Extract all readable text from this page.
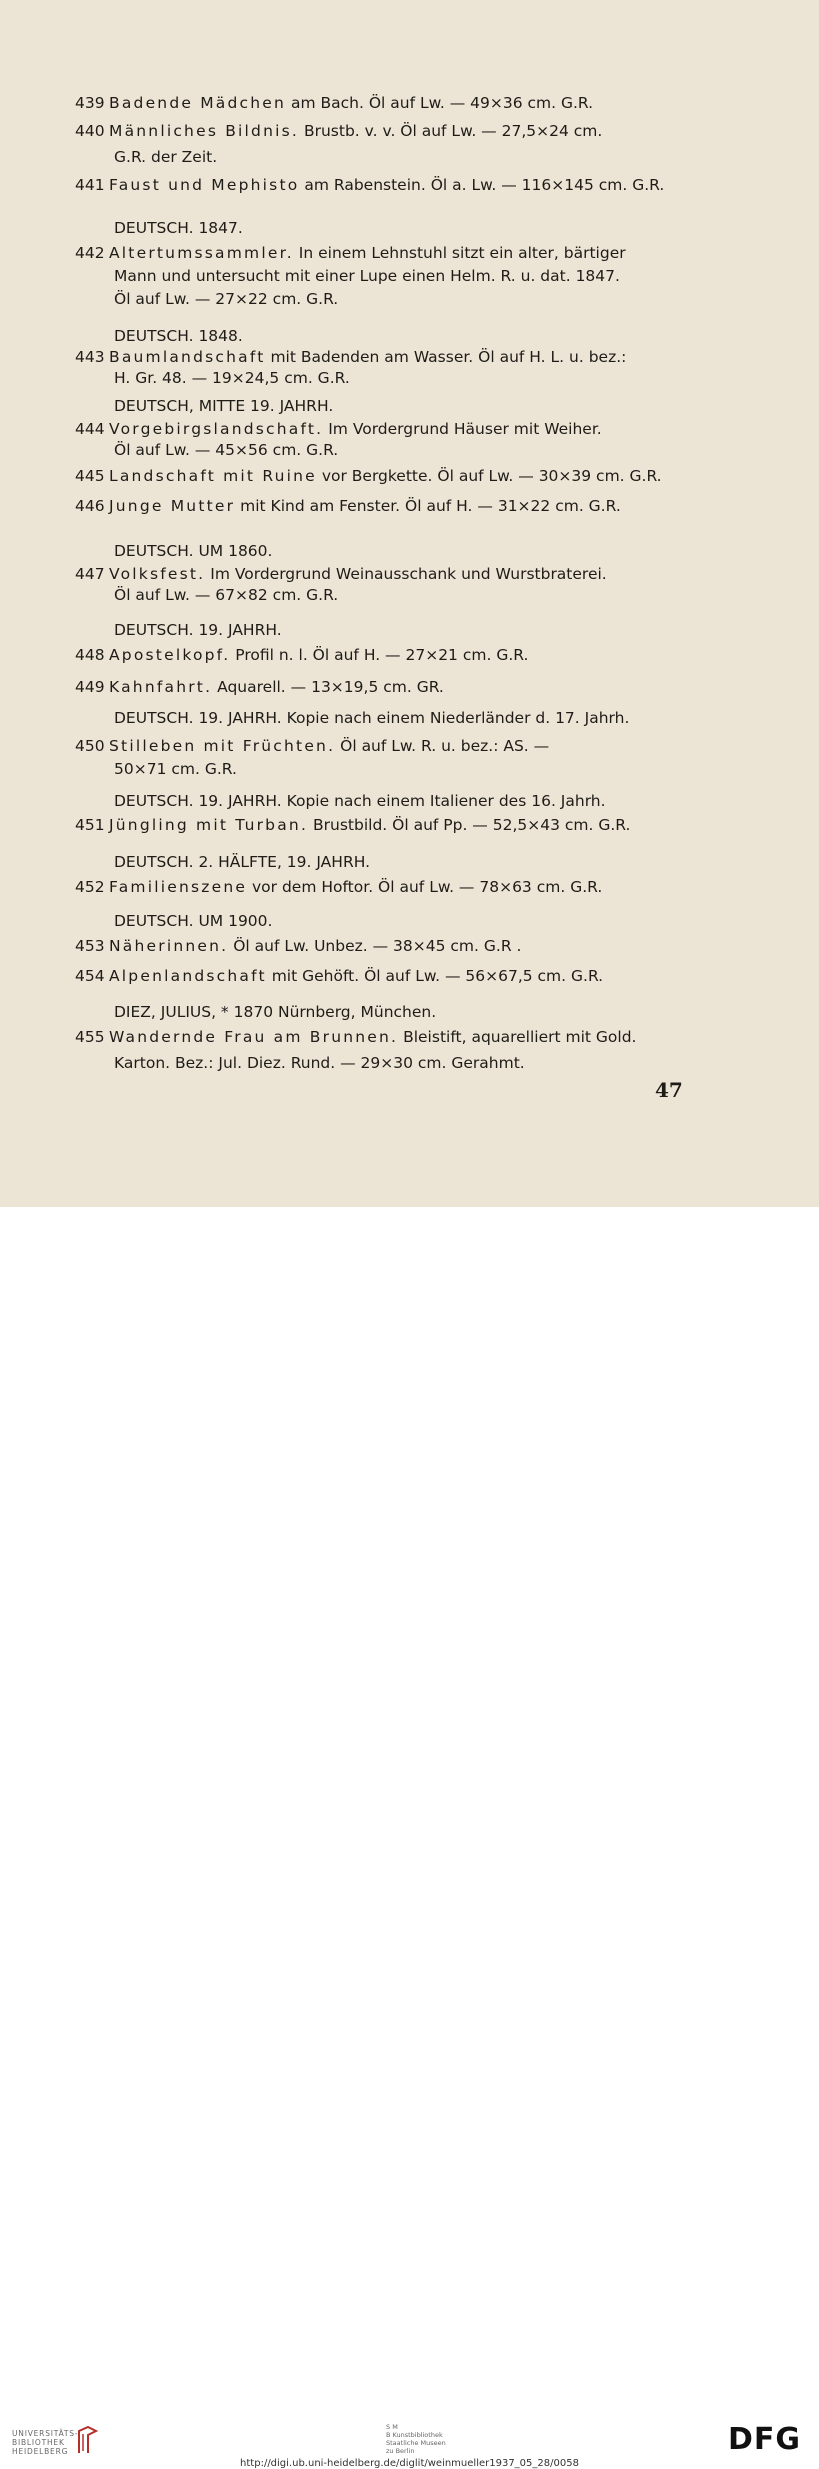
439 Badende Mädchen am Bach. Öl auf Lw. — 49×36 cm. G.R.
440 Männliches Bildnis. Brustb. v. v. Öl auf Lw. — 27,5×24 cm.
G.R. der Zeit.
441 Faust und Mephisto am Rabenstein. Öl a. Lw. — 116×145 cm. G.R.
DEUTSCH. 1847.
442 Altertumssammler. In einem Lehnstuhl sitzt ein alter, bärtiger
Mann und untersucht mit einer Lupe einen Helm. R. u. dat. 1847.
Öl auf Lw. — 27×22 cm. G.R.
DEUTSCH. 1848.
443 Baumlandschaft mit Badenden am Wasser. Öl auf H. L. u. bez.:
H. Gr. 48. — 19×24,5 cm. G.R.
DEUTSCH, MITTE 19. JAHRH.
444 Vorgebirgslandschaft. Im Vordergrund Häuser mit Weiher.
Öl auf Lw. — 45×56 cm. G.R.
445 Landschaft mit Ruine vor Bergkette. Öl auf Lw. — 30×39 cm. G.R.
446 Junge Mutter mit Kind am Fenster. Öl auf H. — 31×22 cm. G.R.
DEUTSCH. UM 1860.
447 Volksfest. Im Vordergrund Weinausschank und Wurstbraterei.
Öl auf Lw. — 67×82 cm. G.R.
DEUTSCH. 19. JAHRH.
448 Apostelkopf. Profil n. l. Öl auf H. — 27×21 cm. G.R.
449 Kahnfahrt. Aquarell. — 13×19,5 cm. GR.
DEUTSCH. 19. JAHRH. Kopie nach einem Niederländer d. 17. Jahrh.
450 Stilleben mit Früchten. Öl auf Lw. R. u. bez.: AS. —
50×71 cm. G.R.
DEUTSCH. 19. JAHRH. Kopie nach einem Italiener des 16. Jahrh.
451 Jüngling mit Turban. Brustbild. Öl auf Pp. — 52,5×43 cm. G.R.
DEUTSCH. 2. HÄLFTE, 19. JAHRH.
452 Familienszene vor dem Hoftor. Öl auf Lw. — 78×63 cm. G.R.
DEUTSCH. UM 1900.
453 Näherinnen. Öl auf Lw. Unbez. — 38×45 cm. G.R .
454 Alpenlandschaft mit Gehöft. Öl auf Lw. — 56×67,5 cm. G.R.
DIEZ, JULIUS, * 1870 Nürnberg, München.
455 Wandernde Frau am Brunnen. Bleistift, aquarelliert mit Gold.
Karton. Bez.: Jul. Diez. Rund. — 29×30 cm. Gerahmt.
47
UNIVERSITÄTS-
BIBLIOTHEK
HEIDELBERG
S M
B Kunstbibliothek
Staatliche Museen
zu Berlin	DFG
http://digi.ub.uni-heidelberg.de/diglit/weinmueller1937_05_28/0058
